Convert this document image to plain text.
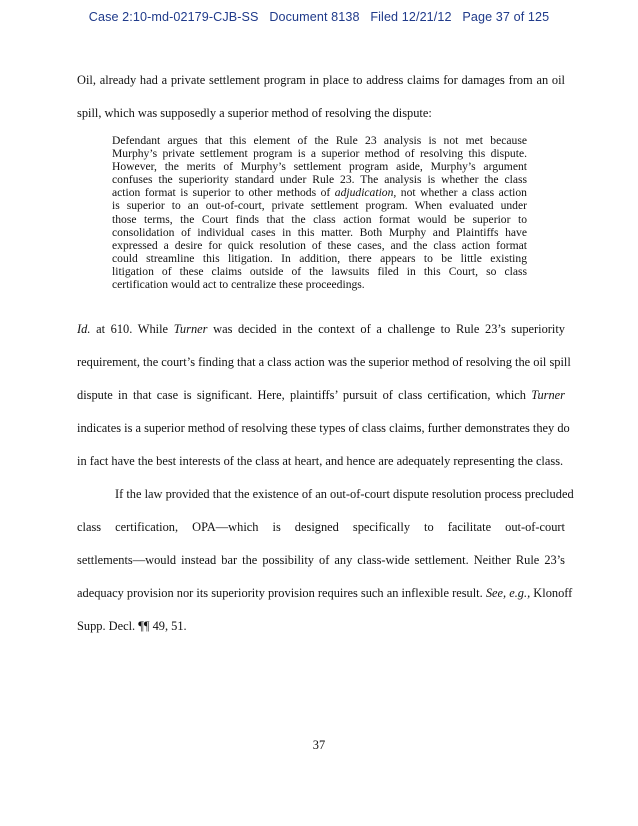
Case 2:10-md-02179-CJB-SS   Document 8138   Filed 12/21/12   Page 37 of 125
Oil, already had a private settlement program in place to address claims for damages from an oil
spill, which was supposedly a superior method of resolving the dispute:
Defendant argues that this element of the Rule 23 analysis is not met because
Murphy’s private settlement program is a superior method of resolving this dispute.
However, the merits of Murphy’s settlement program aside, Murphy’s argument
confuses the superiority standard under Rule 23. The analysis is whether the class
action format is superior to other methods of adjudication, not whether a class action
is superior to an out-of-court, private settlement program. When evaluated under
those terms, the Court finds that the class action format would be superior to
consolidation of individual cases in this matter. Both Murphy and Plaintiffs have
expressed a desire for quick resolution of these cases, and the class action format
could streamline this litigation. In addition, there appears to be little existing
litigation of these claims outside of the lawsuits filed in this Court, so class
certification would act to centralize these proceedings.
Id. at 610. While Turner was decided in the context of a challenge to Rule 23’s superiority
requirement, the court’s finding that a class action was the superior method of resolving the oil spill
dispute in that case is significant. Here, plaintiffs’ pursuit of class certification, which Turner
indicates is a superior method of resolving these types of class claims, further demonstrates they do
in fact have the best interests of the class at heart, and hence are adequately representing the class.
If the law provided that the existence of an out-of-court dispute resolution process precluded
class certification, OPA—which is designed specifically to facilitate out-of-court
settlements—would instead bar the possibility of any class-wide settlement. Neither Rule 23’s
adequacy provision nor its superiority provision requires such an inflexible result. See, e.g., Klonoff
Supp. Decl. ¶¶ 49, 51.
37
